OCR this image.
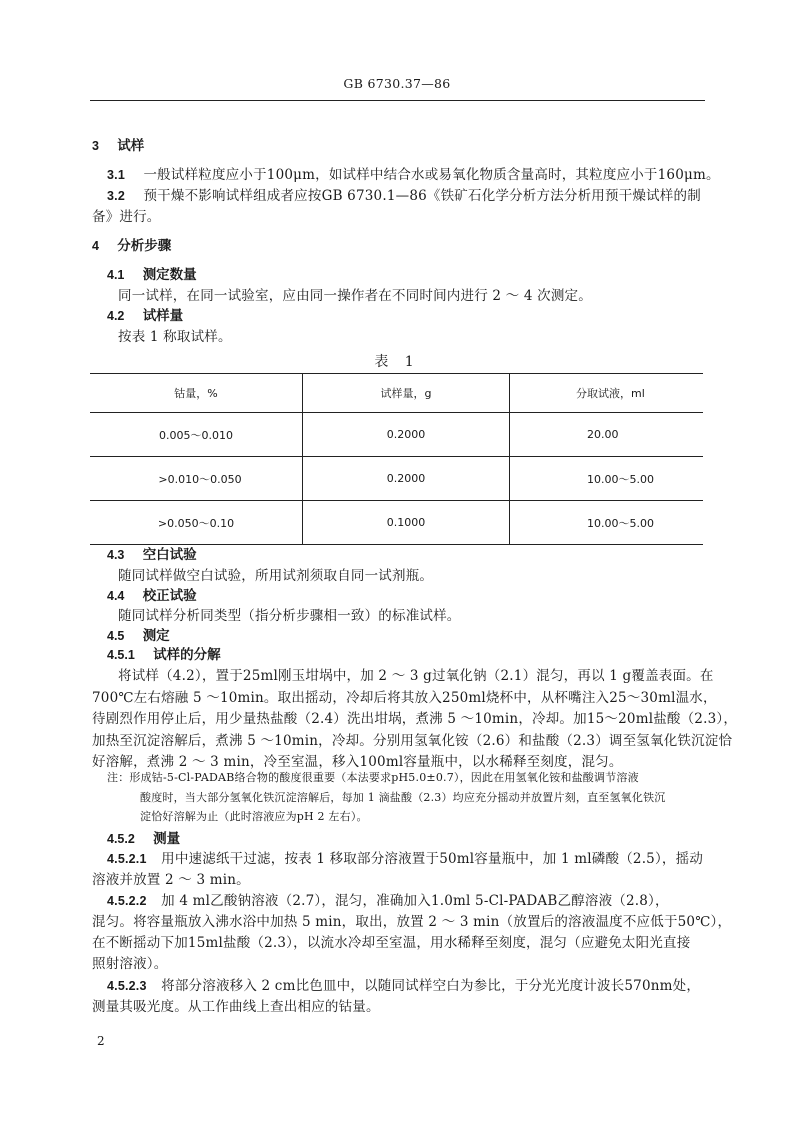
GB 6730.37—86
3 试样
3.1 一般试样粒度应小于100μm，如试样中结合水或易氧化物质含量高时，其粒度应小于160μm。
3.2 预干燥不影响试样组成者应按GB 6730.1—86《铁矿石化学分析方法分析用预干燥试样的制
备》进行。
4 分析步骤
4.1 测定数量
同一试样，在同一试验室，应由同一操作者在不同时间内进行 2 ～ 4 次测定。
4.2 试样量
按表 1 称取试样。
表 1
钴量，%	试样量，g	分取试液，ml
0.005～0.010	0.2000	20.00
>0.010～0.050	0.2000	10.00～5.00
>0.050～0.10	0.1000	10.00～5.00
4.3 空白试验
随同试样做空白试验，所用试剂须取自同一试剂瓶。
4.4 校正试验
随同试样分析同类型（指分析步骤相一致）的标准试样。
4.5 测定
4.5.1 试样的分解
将试样（4.2），置于25ml刚玉坩埚中，加 2 ～ 3 g过氧化钠（2.1）混匀，再以 1 g覆盖表面。在
700℃左右熔融 5 ～10min。取出摇动，冷却后将其放入250ml烧杯中，从杯嘴注入25～30ml温水，
待剧烈作用停止后，用少量热盐酸（2.4）洗出坩埚，煮沸 5 ～10min，冷却。加15～20ml盐酸（2.3），
加热至沉淀溶解后，煮沸 5 ～10min，冷却。分别用氢氧化铵（2.6）和盐酸（2.3）调至氢氧化铁沉淀恰
好溶解，煮沸 2 ～ 3 min，冷至室温，移入100ml容量瓶中，以水稀释至刻度，混匀。
注：形成钴-5-Cl-PADAB络合物的酸度很重要（本法要求pH5.0±0.7），因此在用氢氧化铵和盐酸调节溶液
酸度时，当大部分氢氧化铁沉淀溶解后，每加 1 滴盐酸（2.3）均应充分摇动并放置片刻，直至氢氧化铁沉
淀恰好溶解为止（此时溶液应为pH 2 左右）。
4.5.2 测量
4.5.2.1 用中速滤纸干过滤，按表 1 移取部分溶液置于50ml容量瓶中，加 1 ml磷酸（2.5），摇动
溶液并放置 2 ～ 3 min。
4.5.2.2 加 4 ml乙酸钠溶液（2.7），混匀，准确加入1.0ml 5-Cl-PADAB乙醇溶液（2.8），
混匀。将容量瓶放入沸水浴中加热 5 min，取出，放置 2 ～ 3 min（放置后的溶液温度不应低于50℃），
在不断摇动下加15ml盐酸（2.3），以流水冷却至室温，用水稀释至刻度，混匀（应避免太阳光直接
照射溶液）。
4.5.2.3 将部分溶液移入 2 cm比色皿中，以随同试样空白为参比，于分光光度计波长570nm处，
测量其吸光度。从工作曲线上查出相应的钴量。
2
